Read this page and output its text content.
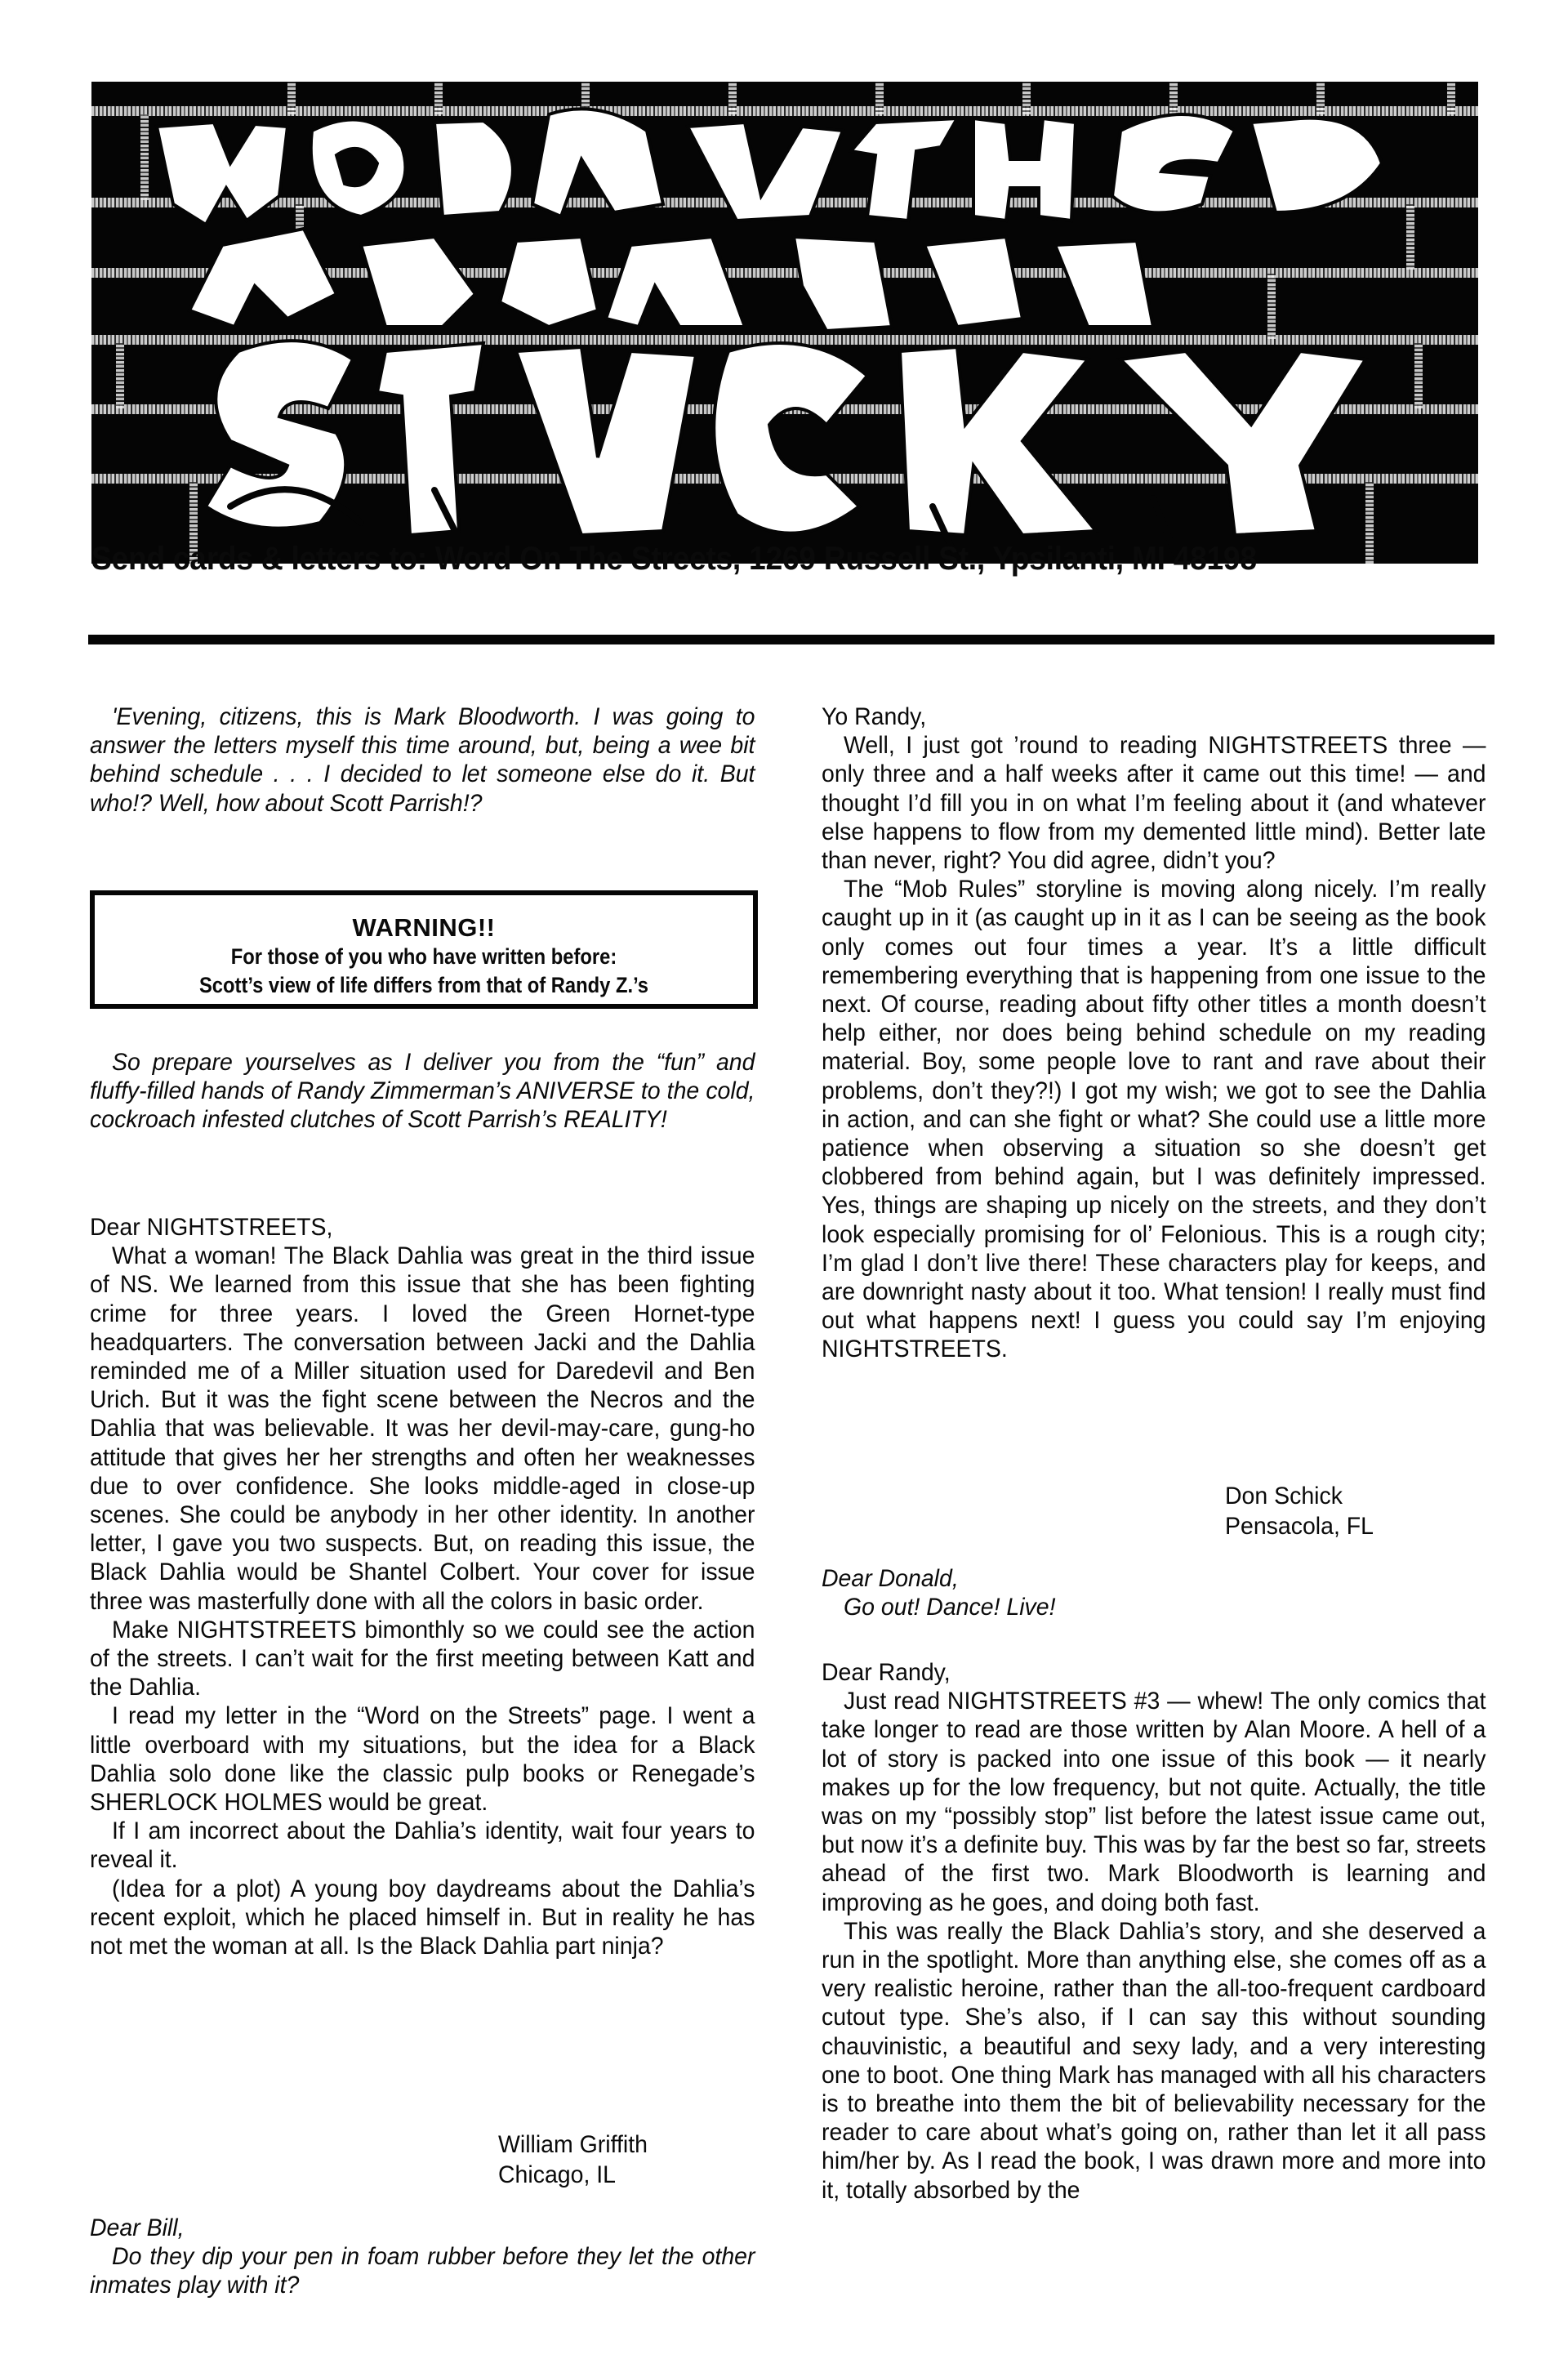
Send cards & letters to: Word On The Streets, 1269 Russell St., Ypsilanti, MI 48198

'Evening, citizens, this is Mark Bloodworth. I was going to answer the letters myself this time around, but, being a wee bit behind schedule . . . I decided to let someone else do it. But who!? Well, how about Scott Parrish!?

WARNING!!
For those of you who have written before:
Scott’s view of life differs from that of Randy Z.’s

So prepare yourselves as I deliver you from the “fun” and fluffy-filled hands of Randy Zimmerman’s ANIVERSE to the cold, cockroach infested clutches of Scott Parrish’s REALITY!

Dear NIGHTSTREETS,

What a woman! The Black Dahlia was great in the third issue of NS. We learned from this issue that she has been fighting crime for three years. I loved the Green Hornet-type headquarters. The conversation between Jacki and the Dahlia reminded me of a Miller situation used for Daredevil and Ben Urich. But it was the fight scene between the Necros and the Dahlia that was believable. It was her devil-may-care, gung-ho attitude that gives her her strengths and often her weaknesses due to over confidence. She looks middle-aged in close-up scenes. She could be anybody in her other identity. In another letter, I gave you two suspects. But, on reading this issue, the Black Dahlia would be Shantel Colbert. Your cover for issue three was masterfully done with all the colors in basic order.

Make NIGHTSTREETS bimonthly so we could see the action of the streets. I can’t wait for the first meeting between Katt and the Dahlia.

I read my letter in the “Word on the Streets” page. I went a little overboard with my situations, but the idea for a Black Dahlia solo done like the classic pulp books or Renegade’s SHERLOCK HOLMES would be great.

If I am incorrect about the Dahlia’s identity, wait four years to reveal it.

(Idea for a plot) A young boy daydreams about the Dahlia’s recent exploit, which he placed himself in. But in reality he has not met the woman at all. Is the Black Dahlia part ninja?

William Griffith
Chicago, IL

Dear Bill,

Do they dip your pen in foam rubber before they let the other inmates play with it?

Yo Randy,

Well, I just got ’round to reading NIGHTSTREETS three — only three and a half weeks after it came out this time! — and thought I’d fill you in on what I’m feeling about it (and whatever else happens to flow from my demented little mind). Better late than never, right? You did agree, didn’t you?

The “Mob Rules” storyline is moving along nicely. I’m really caught up in it (as caught up in it as I can be seeing as the book only comes out four times a year. It’s a little difficult remembering everything that is happening from one issue to the next. Of course, reading about fifty other titles a month doesn’t help either, nor does being behind schedule on my reading material. Boy, some people love to rant and rave about their problems, don’t they?!) I got my wish; we got to see the Dahlia in action, and can she fight or what? She could use a little more patience when observing a situation so she doesn’t get clobbered from behind again, but I was definitely impressed. Yes, things are shaping up nicely on the streets, and they don’t look especially promising for ol’ Felonious. This is a rough city; I’m glad I don’t live there! These characters play for keeps, and are downright nasty about it too. What tension! I really must find out what happens next! I guess you could say I’m enjoying NIGHTSTREETS.

Don Schick
Pensacola, FL

Dear Donald,

Go out! Dance! Live!

Dear Randy,

Just read NIGHTSTREETS #3 — whew! The only comics that take longer to read are those written by Alan Moore. A hell of a lot of story is packed into one issue of this book — it nearly makes up for the low frequency, but not quite. Actually, the title was on my “possibly stop” list before the latest issue came out, but now it’s a definite buy. This was by far the best so far, streets ahead of the first two. Mark Bloodworth is learning and improving as he goes, and doing both fast.

This was really the Black Dahlia’s story, and she deserved a run in the spotlight. More than anything else, she comes off as a very realistic heroine, rather than the all-too-frequent cardboard cutout type. She’s also, if I can say this without sounding chauvinistic, a beautiful and sexy lady, and a very interesting one to boot. One thing Mark has managed with all his characters is to breathe into them the bit of believability necessary for the reader to care about what’s going on, rather than let it all pass him/her by. As I read the book, I was drawn more and more into it, totally absorbed by the
